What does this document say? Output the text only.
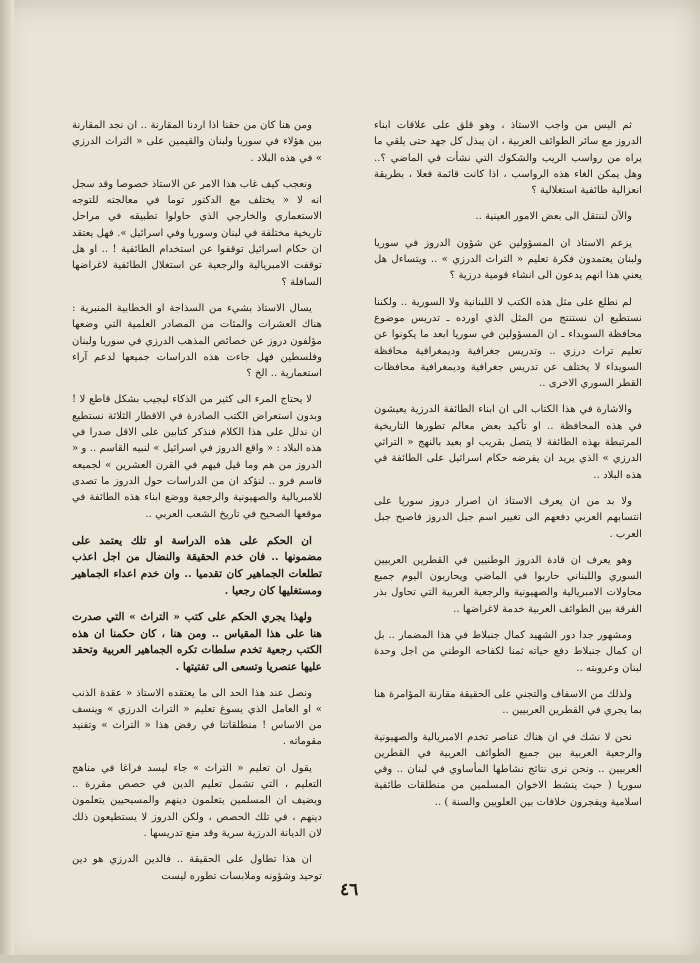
ثم اليس من واجب الاستاذ ، وهو قلق على علاقات ابناء الدروز مع سائر الطوائف العربية ، ان يبذل كل جهد حتى يلقي ما يراه من رواسب الريب والشكوك التي نشأت في الماضي ؟.. وهل يمكن الغاء هذه الرواسب ، اذا كانت قائمة فعلا ، بطريقة انعزالية طائفية استغلالية ؟

والآن لننتقل الى بعض الامور العينية ..

يزعم الاستاذ ان المسؤولين عن شؤون الدروز في سوريا ولبنان يعتمدون فكرة تعليم « التراث الدرزي » .. ويتساءل هل يعني هذا انهم يدعون الى انشاء قومية درزية ؟

لم نطلع على مثل هذه الكتب لا اللبنانية ولا السورية .. ولكننا نستطيع ان نستنتج من المثل الذي اورده ـ تدريس موضوع محافظة السويداء ـ ان المسؤولين في سوريا ابعد ما يكونوا عن تعليم تراث درزي .. وتدريس جغرافية وديمغرافية محافظة السويداء لا يختلف عن تدريس جغرافية وديمغرافية محافظات القطر السوري الاخرى ..

والاشارة في هذا الكتاب الى ان ابناء الطائفة الدرزية يعيشون في هذه المحافظة .. او تأكيد بعض معالم تطورها التاريخية المرتبطة بهذه الطائفة لا يتصل بقريب او بعيد بالنهج « التراثي الدرزي » الذي يريد ان يفرضه حكام اسرائيل على الطائفة في هذه البلاد ..

ولا بد من ان يعرف الاستاذ ان اصرار دروز سوريا على انتسابهم العربي دفعهم الى تغيير اسم جبل الدروز فاصبح جبل العرب .

وهو يعرف ان قادة الدروز الوطنيين في القطرين العربيين السوري واللبناني حاربوا في الماضي ويحاربون اليوم جميع محاولات الامبريالية والصهيونية والرجعية العربية التي تحاول بذر الفرقة بين الطوائف العربية خدمة لاغراضها ..

ومشهور جدا دور الشهيد كمال جنبلاط في هذا المضمار .. بل ان كمال جنبلاط دفع حياته ثمنا لكفاحه الوطني من اجل وحدة لبنان وعروبته ..

ولذلك من الاسفاف والتجني على الحقيقة مقارنة المؤامرة هنا بما يجري في القطرين العربيين ..

نحن لا نشك في ان هناك عناصر تخدم الامبريالية والصهيونية والرجعية العربية بين جميع الطوائف العربية في القطرين العربيين .. ونحن نرى نتائج نشاطها المأساوي في لبنان .. وفي سوريا ( حيث ينشط الاخوان المسلمين من منطلقات طائفية اسلامية ويفجرون خلافات بين العلويين والسنة ) ..

ومن هنا كان من حقنا اذا اردنا المقارنة .. ان نجد المقارنة بين هؤلاء في سوريا ولبنان والقيمين على « التراث الدرزي » في هذه البلاد .

ونعجب كيف غاب هذا الامر عن الاستاذ خصوصا وقد سجل انه لا « يختلف مع الدكتور توما في معالجته للتوجه الاستعماري والخارجي الذي حاولوا تطبيقه في مراحل تاريخية مختلفة في لبنان وسوريا وفي اسرائيل ». فهل يعتقد ان حكام اسرائيل توقفوا عن استخدام الطائفية ! .. او هل توقفت الامبريالية والرجعية عن استغلال الطائفية لاغراضها السافلة ؟

يسال الاستاذ بشيء من السذاجة او الخطابية المنبرية : هناك العشرات والمئات من المصادر العلمية التي وضعها مؤلفون دروز عن خصائص المذهب الدرزي في سوريا ولبنان وفلسطين فهل جاءت هذه الدراسات جميعها لدعم آراء استعمارية .. الخ ؟

لا يحتاج المرء الى كثير من الذكاء ليجيب بشكل قاطع لا ! وبدون استعراض الكتب الصادرة في الاقطار الثلاثة نستطيع ان ندلل على هذا الكلام فنذكر كتابين على الاقل صدرا في هذه البلاد : « واقع الدروز في اسرائيل » لنبيه القاسم .. و « الدروز من هم وما قيل فيهم في القرن العشرين » لجميعه قاسم فرو .. لنؤكد ان من الدراسات حول الدروز ما تصدى للامبريالية والصهيونية والرجعية ووضع ابناء هذه الطائفة في موقعها الصحيح في تاريخ الشعب العربي ..

ان الحكم على هذه الدراسة او تلك يعتمد على مضمونها .. فان خدم الحقيقة والنضال من اجل اعذب تطلعات الجماهير كان تقدميا .. وان خدم اعداء الجماهير ومستغليها كان رجعيا .

ولهذا يجري الحكم على كتب « التراث » التي صدرت هنا على هذا المقياس .. ومن هنا ، كان حكمنا ان هذه الكتب رجعية تخدم سلطات تكره الجماهير العربية وتحقد عليها عنصريا وتسعى الى تفتيتها .

ونصل عند هذا الحد الى ما يعتقده الاستاذ « عقدة الذنب » او العامل الذي يسوغ تعليم « التراث الدرزي » وينسف من الاساس ! منطلقاتنا في رفض هذا « التراث » وتفنيد مقوماته .

يقول ان تعليم « التراث » جاء ليسد فراغا في مناهج التعليم ، التي تشمل تعليم الدين في حصص مقررة .. ويضيف ان المسلمين يتعلمون دينهم والمسيحيين يتعلمون دينهم ، في تلك الحصص ، ولكن الدروز لا يستطيعون ذلك لان الديانة الدرزية سرية وقد منع تدريسها .

ان هذا تطاول على الحقيقة .. فالدين الدرزي هو دين توحيد وشؤونه وملابسات تطوره ليست

٤٦
